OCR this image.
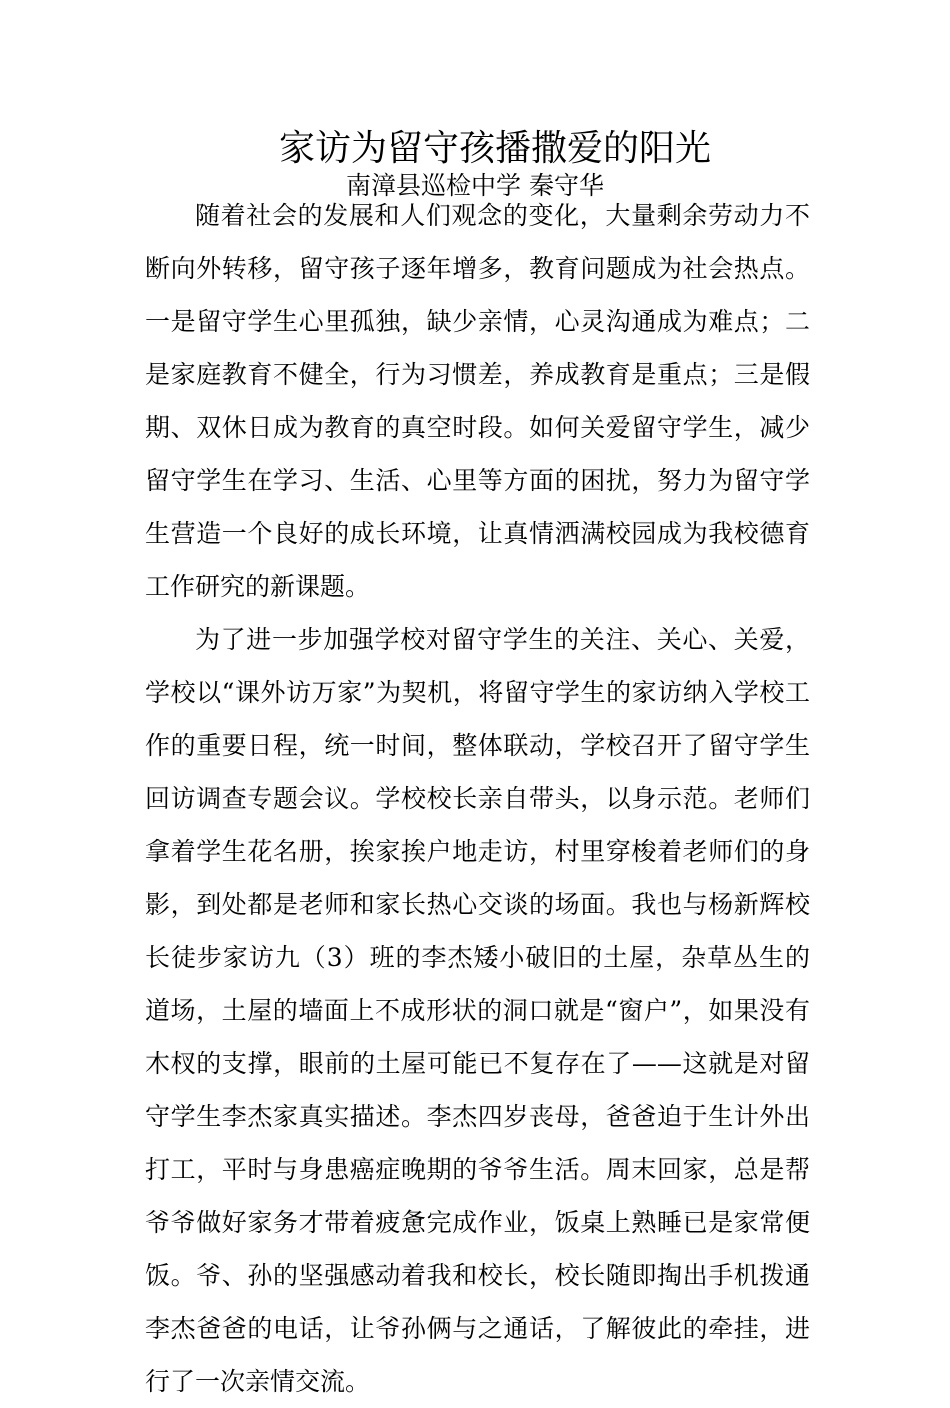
家访为留守孩播撒爱的阳光
南漳县巡检中学 秦守华

随着社会的发展和人们观念的变化，大量剩余劳动力不断向外转移，留守孩子逐年增多，教育问题成为社会热点。一是留守学生心里孤独，缺少亲情，心灵沟通成为难点；二是家庭教育不健全，行为习惯差，养成教育是重点；三是假期、双休日成为教育的真空时段。如何关爱留守学生，减少留守学生在学习、生活、心里等方面的困扰，努力为留守学生营造一个良好的成长环境，让真情洒满校园成为我校德育工作研究的新课题。

为了进一步加强学校对留守学生的关注、关心、关爱，学校以“课外访万家”为契机，将留守学生的家访纳入学校工作的重要日程，统一时间，整体联动，学校召开了留守学生回访调查专题会议。学校校长亲自带头，以身示范。老师们拿着学生花名册，挨家挨户地走访，村里穿梭着老师们的身影，到处都是老师和家长热心交谈的场面。我也与杨新辉校长徒步家访九（3）班的李杰矮小破旧的土屋，杂草丛生的道场，土屋的墙面上不成形状的洞口就是“窗户”，如果没有木杈的支撑，眼前的土屋可能已不复存在了——这就是对留守学生李杰家真实描述。李杰四岁丧母，爸爸迫于生计外出打工，平时与身患癌症晚期的爷爷生活。周末回家，总是帮爷爷做好家务才带着疲惫完成作业，饭桌上熟睡已是家常便饭。爷、孙的坚强感动着我和校长，校长随即掏出手机拨通李杰爸爸的电话，让爷孙俩与之通话，了解彼此的牵挂，进行了一次亲情交流。
